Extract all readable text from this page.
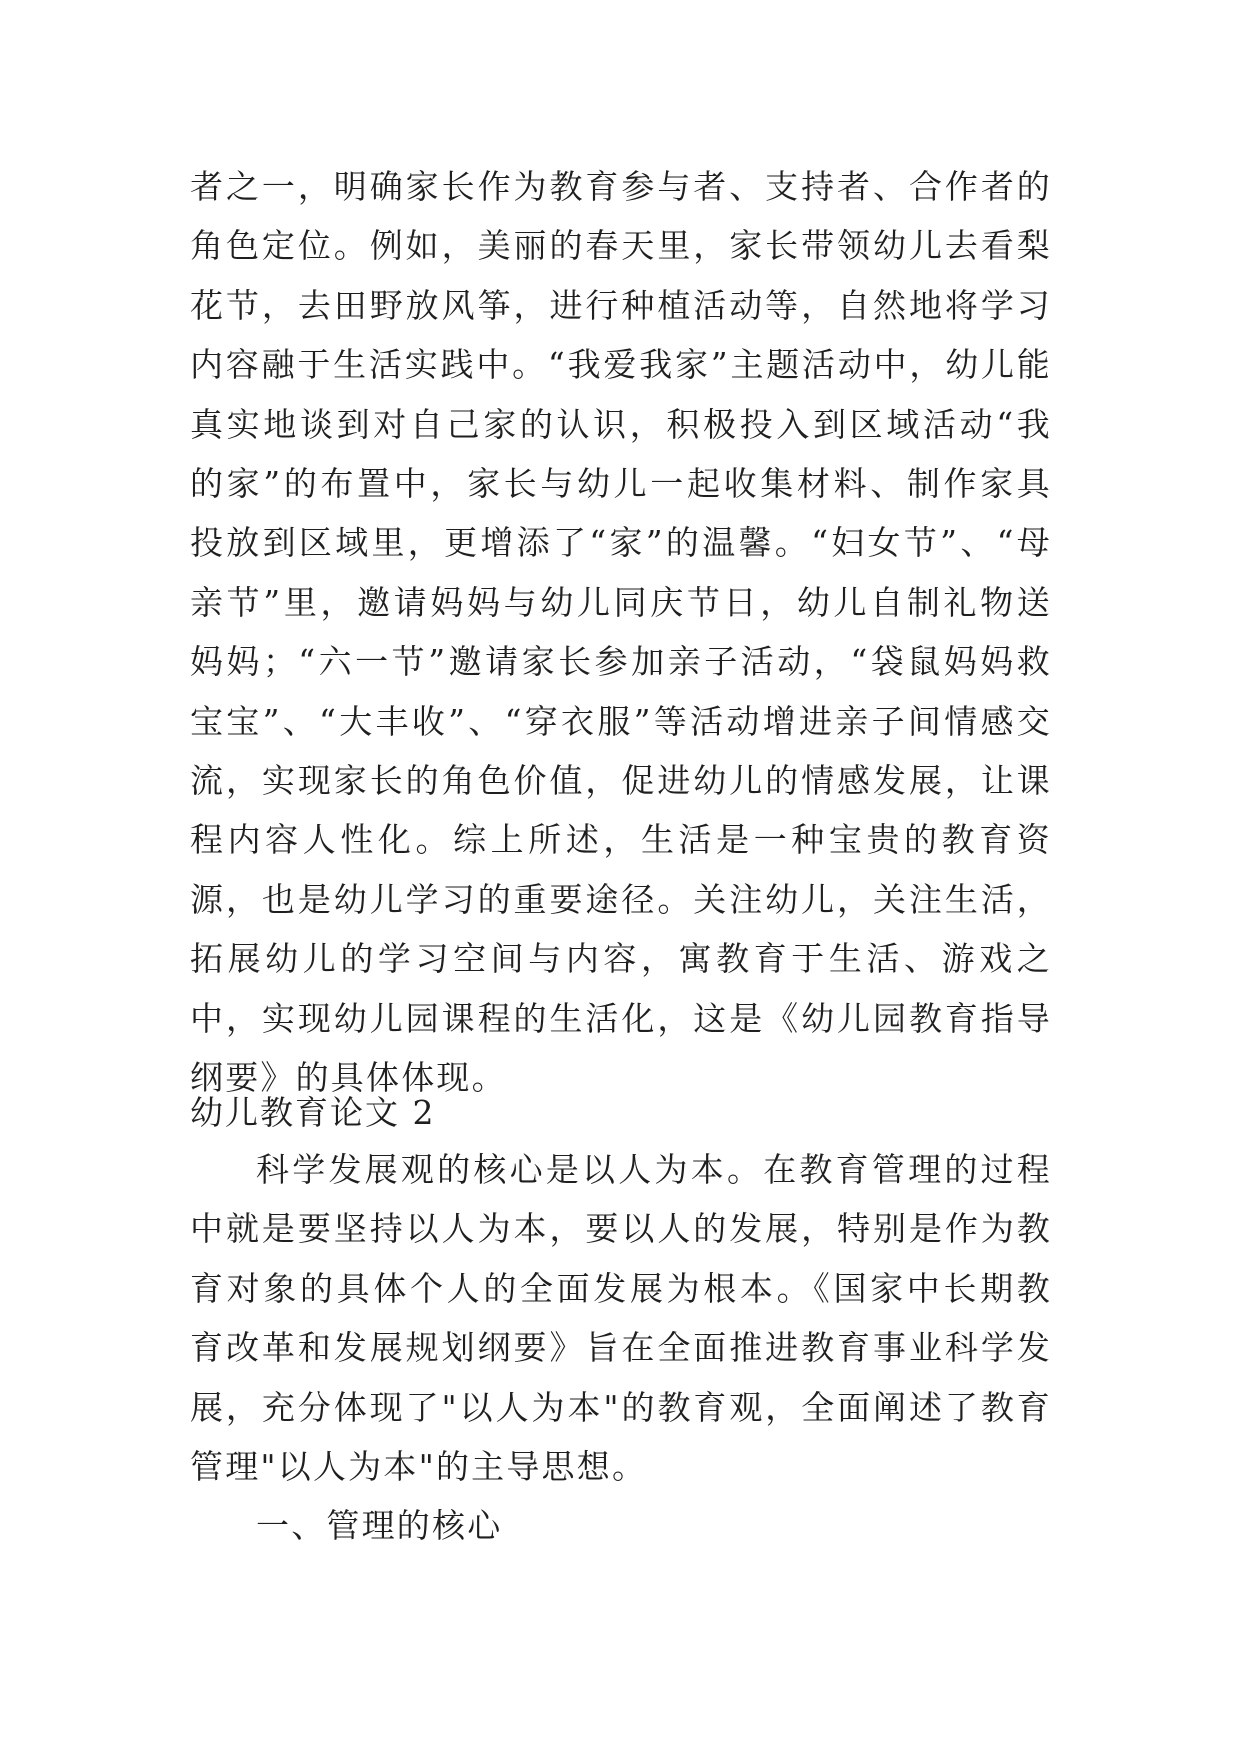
者之一，明确家长作为教育参与者、支持者、合作者的角色定位。例如，美丽的春天里，家长带领幼儿去看梨花节，去田野放风筝，进行种植活动等，自然地将学习内容融于生活实践中。“我爱我家”主题活动中，幼儿能真实地谈到对自己家的认识，积极投入到区域活动“我的家”的布置中，家长与幼儿一起收集材料、制作家具投放到区域里，更增添了“家”的温馨。“妇女节”、“母亲节”里，邀请妈妈与幼儿同庆节日，幼儿自制礼物送妈妈；“六一节”邀请家长参加亲子活动，“袋鼠妈妈救宝宝”、“大丰收”、“穿衣服”等活动增进亲子间情感交流，实现家长的角色价值，促进幼儿的情感发展，让课程内容人性化。综上所述，生活是一种宝贵的教育资源，也是幼儿学习的重要途径。关注幼儿，关注生活，拓展幼儿的学习空间与内容，寓教育于生活、游戏之中，实现幼儿园课程的生活化，这是《幼儿园教育指导纲要》的具体体现。

幼儿教育论文 2

科学发展观的核心是以人为本。在教育管理的过程中就是要坚持以人为本，要以人的发展，特别是作为教育对象的具体个人的全面发展为根本。《国家中长期教育改革和发展规划纲要》旨在全面推进教育事业科学发展，充分体现了"以人为本"的教育观，全面阐述了教育管理"以人为本"的主导思想。

一、管理的核心
